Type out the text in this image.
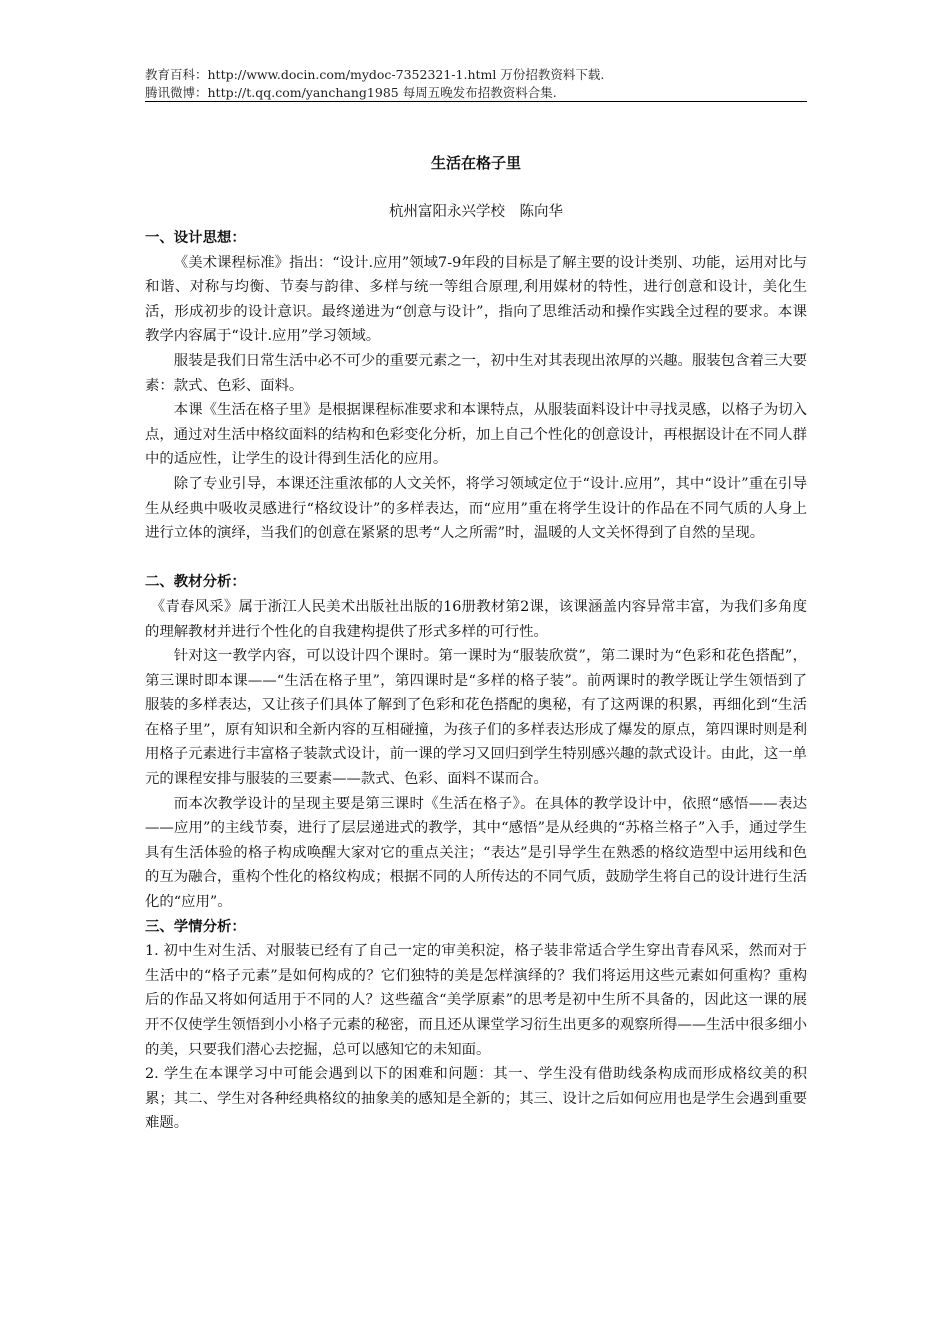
教育百科：http://www.docin.com/mydoc-7352321-1.html 万份招教资料下载.
腾讯微博：http://t.qq.com/yanchang1985 每周五晚发布招教资料合集.
生活在格子里
杭州富阳永兴学校　陈向华

一、设计思想：

《美术课程标准》指出：“设计.应用”领域7-9年段的目标是了解主要的设计类别、功能，运用对比与和谐、对称与均衡、节奏与韵律、多样与统一等组合原理,利用媒材的特性，进行创意和设计，美化生活，形成初步的设计意识。最终递进为“创意与设计”，指向了思维活动和操作实践全过程的要求。本课教学内容属于“设计.应用”学习领域。

服装是我们日常生活中必不可少的重要元素之一，初中生对其表现出浓厚的兴趣。服装包含着三大要素：款式、色彩、面料。

本课《生活在格子里》是根据课程标准要求和本课特点，从服装面料设计中寻找灵感，以格子为切入点，通过对生活中格纹面料的结构和色彩变化分析，加上自己个性化的创意设计，再根据设计在不同人群中的适应性，让学生的设计得到生活化的应用。

除了专业引导，本课还注重浓郁的人文关怀，将学习领域定位于“设计.应用”，其中“设计”重在引导生从经典中吸收灵感进行“格纹设计”的多样表达，而“应用”重在将学生设计的作品在不同气质的人身上进行立体的演绎，当我们的创意在紧紧的思考“人之所需”时，温暖的人文关怀得到了自然的呈现。

二、教材分析：

《青春风采》属于浙江人民美术出版社出版的16册教材第2课，该课涵盖内容异常丰富，为我们多角度的理解教材并进行个性化的自我建构提供了形式多样的可行性。

针对这一教学内容，可以设计四个课时。第一课时为“服装欣赏”，第二课时为“色彩和花色搭配”，第三课时即本课——“生活在格子里”，第四课时是“多样的格子装”。前两课时的教学既让学生领悟到了服装的多样表达，又让孩子们具体了解到了色彩和花色搭配的奥秘，有了这两课的积累，再细化到“生活在格子里”，原有知识和全新内容的互相碰撞，为孩子们的多样表达形成了爆发的原点，第四课时则是利用格子元素进行丰富格子装款式设计，前一课的学习又回归到学生特别感兴趣的款式设计。由此，这一单元的课程安排与服装的三要素——款式、色彩、面料不谋而合。

而本次教学设计的呈现主要是第三课时《生活在格子》。在具体的教学设计中，依照“感悟——表达——应用”的主线节奏，进行了层层递进式的教学，其中“感悟”是从经典的“苏格兰格子”入手，通过学生具有生活体验的格子构成唤醒大家对它的重点关注；“表达”是引导学生在熟悉的格纹造型中运用线和色的互为融合，重构个性化的格纹构成；根据不同的人所传达的不同气质，鼓励学生将自己的设计进行生活化的“应用”。

三、学情分析：

1. 初中生对生活、对服装已经有了自己一定的审美积淀，格子装非常适合学生穿出青春风采，然而对于生活中的“格子元素”是如何构成的？它们独特的美是怎样演绎的？我们将运用这些元素如何重构？重构后的作品又将如何适用于不同的人？这些蕴含“美学原素”的思考是初中生所不具备的，因此这一课的展开不仅使学生领悟到小小格子元素的秘密，而且还从课堂学习衍生出更多的观察所得——生活中很多细小的美，只要我们潜心去挖掘，总可以感知它的未知面。

2. 学生在本课学习中可能会遇到以下的困难和问题：其一、学生没有借助线条构成而形成格纹美的积累；其二、学生对各种经典格纹的抽象美的感知是全新的；其三、设计之后如何应用也是学生会遇到重要难题。
